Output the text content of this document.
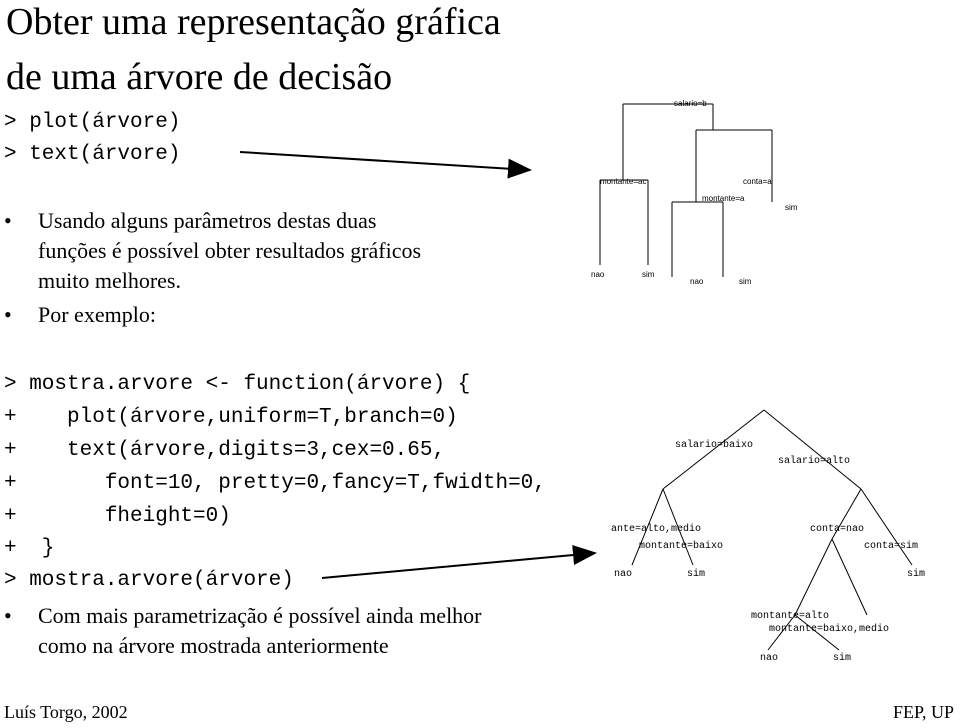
Obter uma representação gráfica
de uma árvore de decisão
> plot(árvore)
> text(árvore)
• Usando alguns parâmetros destas duas
funções é possível obter resultados gráficos
muito melhores.
• Por exemplo:
> mostra.arvore <- function(árvore) {
+    plot(árvore,uniform=T,branch=0)
+    text(árvore,digits=3,cex=0.65,
+       font=10, pretty=0,fancy=T,fwidth=0,
+       fheight=0)
+  }
> mostra.arvore(árvore)
• Com mais parametrização é possível ainda melhor
como na árvore mostrada anteriormente
salario=b
montante=ac	conta=a
montante=a
sim
nao	sim
nao	sim
salario=baixo
salario=alto
ante=alto,medio
montante=baixo
conta=nao
conta=sim
nao	sim	sim
montante=alto
montante=baixo,medio
nao	sim
Luís Torgo, 2002	FEP, UP
